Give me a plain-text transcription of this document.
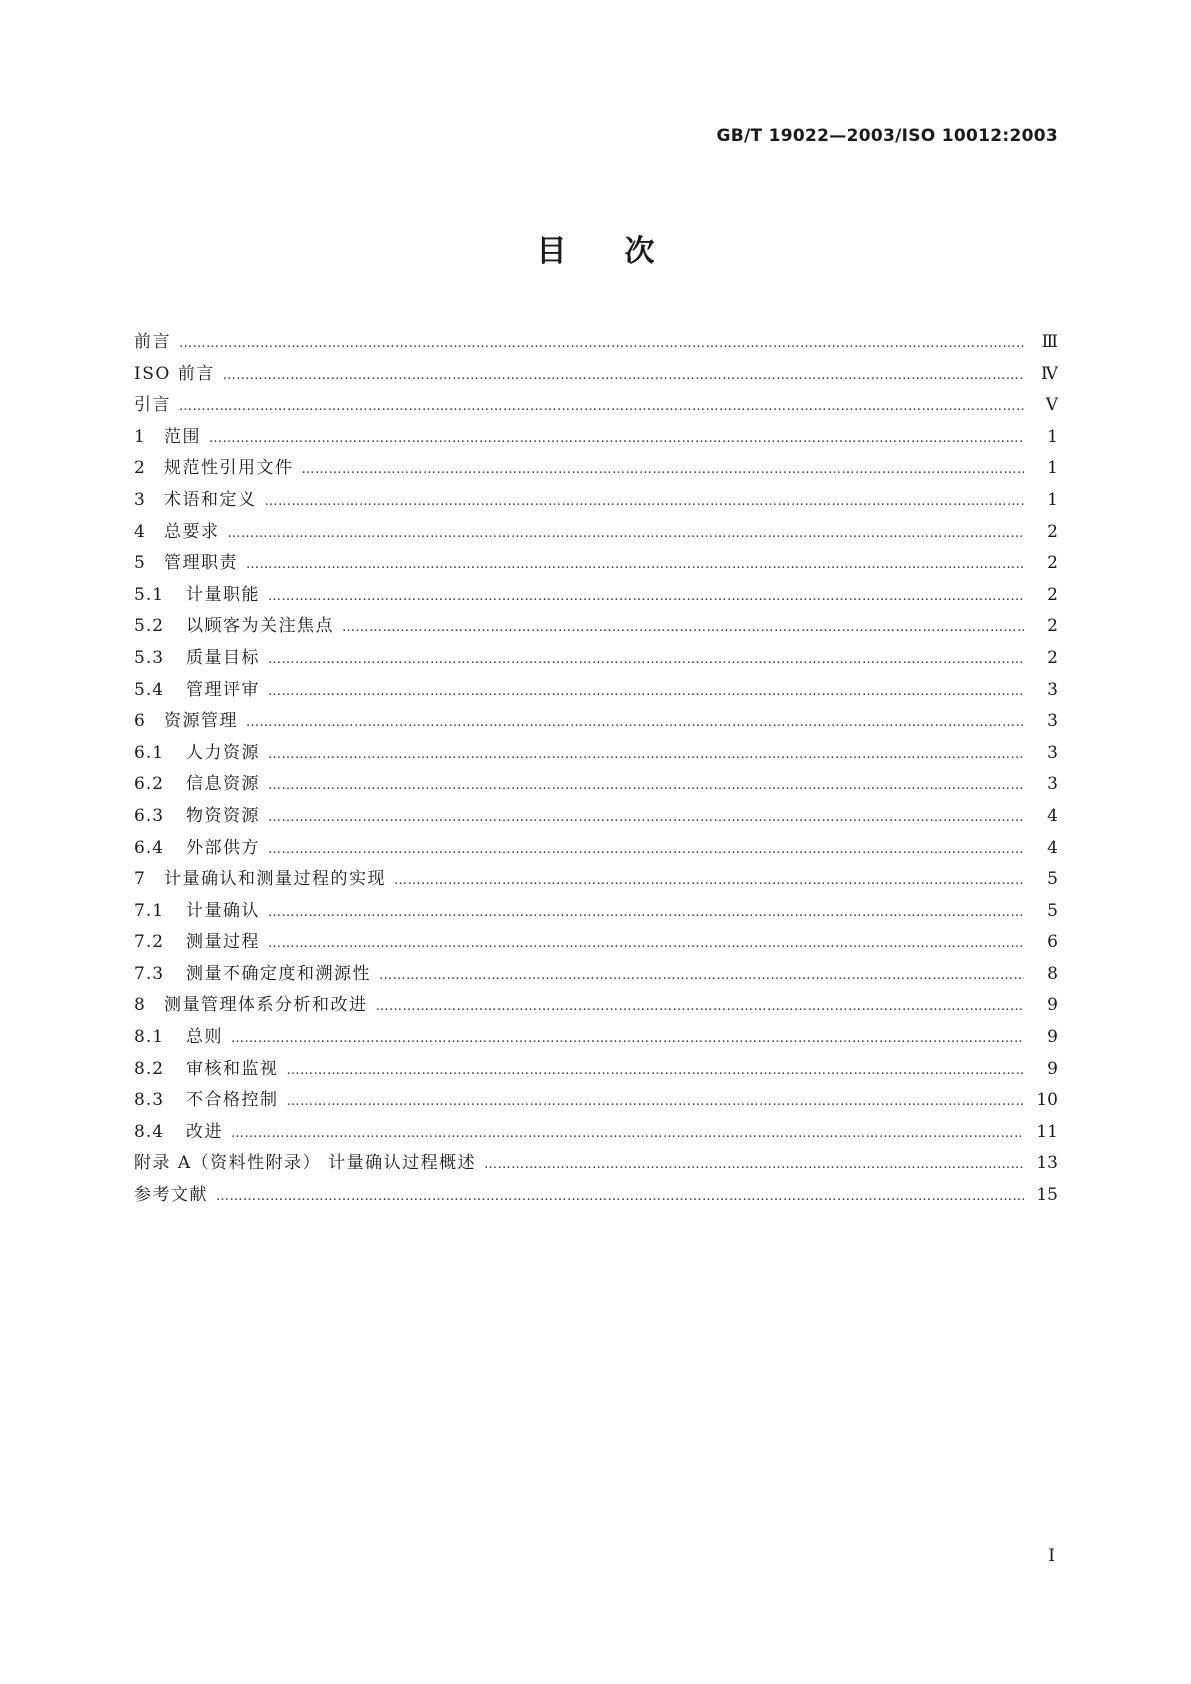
GB/T 19022—2003/ISO 10012:2003
目次
前言 ……………………………………………………………………………………………………………………………………………………………………………………………………………………………………………	Ⅲ
ISO 前言 ……………………………………………………………………………………………………………………………………………………………………………………………………………………………………………	Ⅳ
引言 ……………………………………………………………………………………………………………………………………………………………………………………………………………………………………………	Ⅴ
1 范围 ……………………………………………………………………………………………………………………………………………………………………………………………………………………………………………	1
2 规范性引用文件 ……………………………………………………………………………………………………………………………………………………………………………………………………………………………………………	1
3 术语和定义 ……………………………………………………………………………………………………………………………………………………………………………………………………………………………………………	1
4 总要求 ……………………………………………………………………………………………………………………………………………………………………………………………………………………………………………	2
5 管理职责 ……………………………………………………………………………………………………………………………………………………………………………………………………………………………………………	2
5.1 计量职能 ……………………………………………………………………………………………………………………………………………………………………………………………………………………………………………	2
5.2 以顾客为关注焦点 ……………………………………………………………………………………………………………………………………………………………………………………………………………………………………………	2
5.3 质量目标 ……………………………………………………………………………………………………………………………………………………………………………………………………………………………………………	2
5.4 管理评审 ……………………………………………………………………………………………………………………………………………………………………………………………………………………………………………	3
6 资源管理 ……………………………………………………………………………………………………………………………………………………………………………………………………………………………………………	3
6.1 人力资源 ……………………………………………………………………………………………………………………………………………………………………………………………………………………………………………	3
6.2 信息资源 ……………………………………………………………………………………………………………………………………………………………………………………………………………………………………………	3
6.3 物资资源 ……………………………………………………………………………………………………………………………………………………………………………………………………………………………………………	4
6.4 外部供方 ……………………………………………………………………………………………………………………………………………………………………………………………………………………………………………	4
7 计量确认和测量过程的实现 ……………………………………………………………………………………………………………………………………………………………………………………………………………………………………………	5
7.1 计量确认 ……………………………………………………………………………………………………………………………………………………………………………………………………………………………………………	5
7.2 测量过程 ……………………………………………………………………………………………………………………………………………………………………………………………………………………………………………	6
7.3 测量不确定度和溯源性 ……………………………………………………………………………………………………………………………………………………………………………………………………………………………………………	8
8 测量管理体系分析和改进 ……………………………………………………………………………………………………………………………………………………………………………………………………………………………………………	9
8.1 总则 ……………………………………………………………………………………………………………………………………………………………………………………………………………………………………………	9
8.2 审核和监视 ……………………………………………………………………………………………………………………………………………………………………………………………………………………………………………	9
8.3 不合格控制 ……………………………………………………………………………………………………………………………………………………………………………………………………………………………………………	10
8.4 改进 ……………………………………………………………………………………………………………………………………………………………………………………………………………………………………………	11
附录 A（资料性附录） 计量确认过程概述 ……………………………………………………………………………………………………………………………………………………………………………………………………………………………………………	13
参考文献 ……………………………………………………………………………………………………………………………………………………………………………………………………………………………………………	15
Ⅰ
